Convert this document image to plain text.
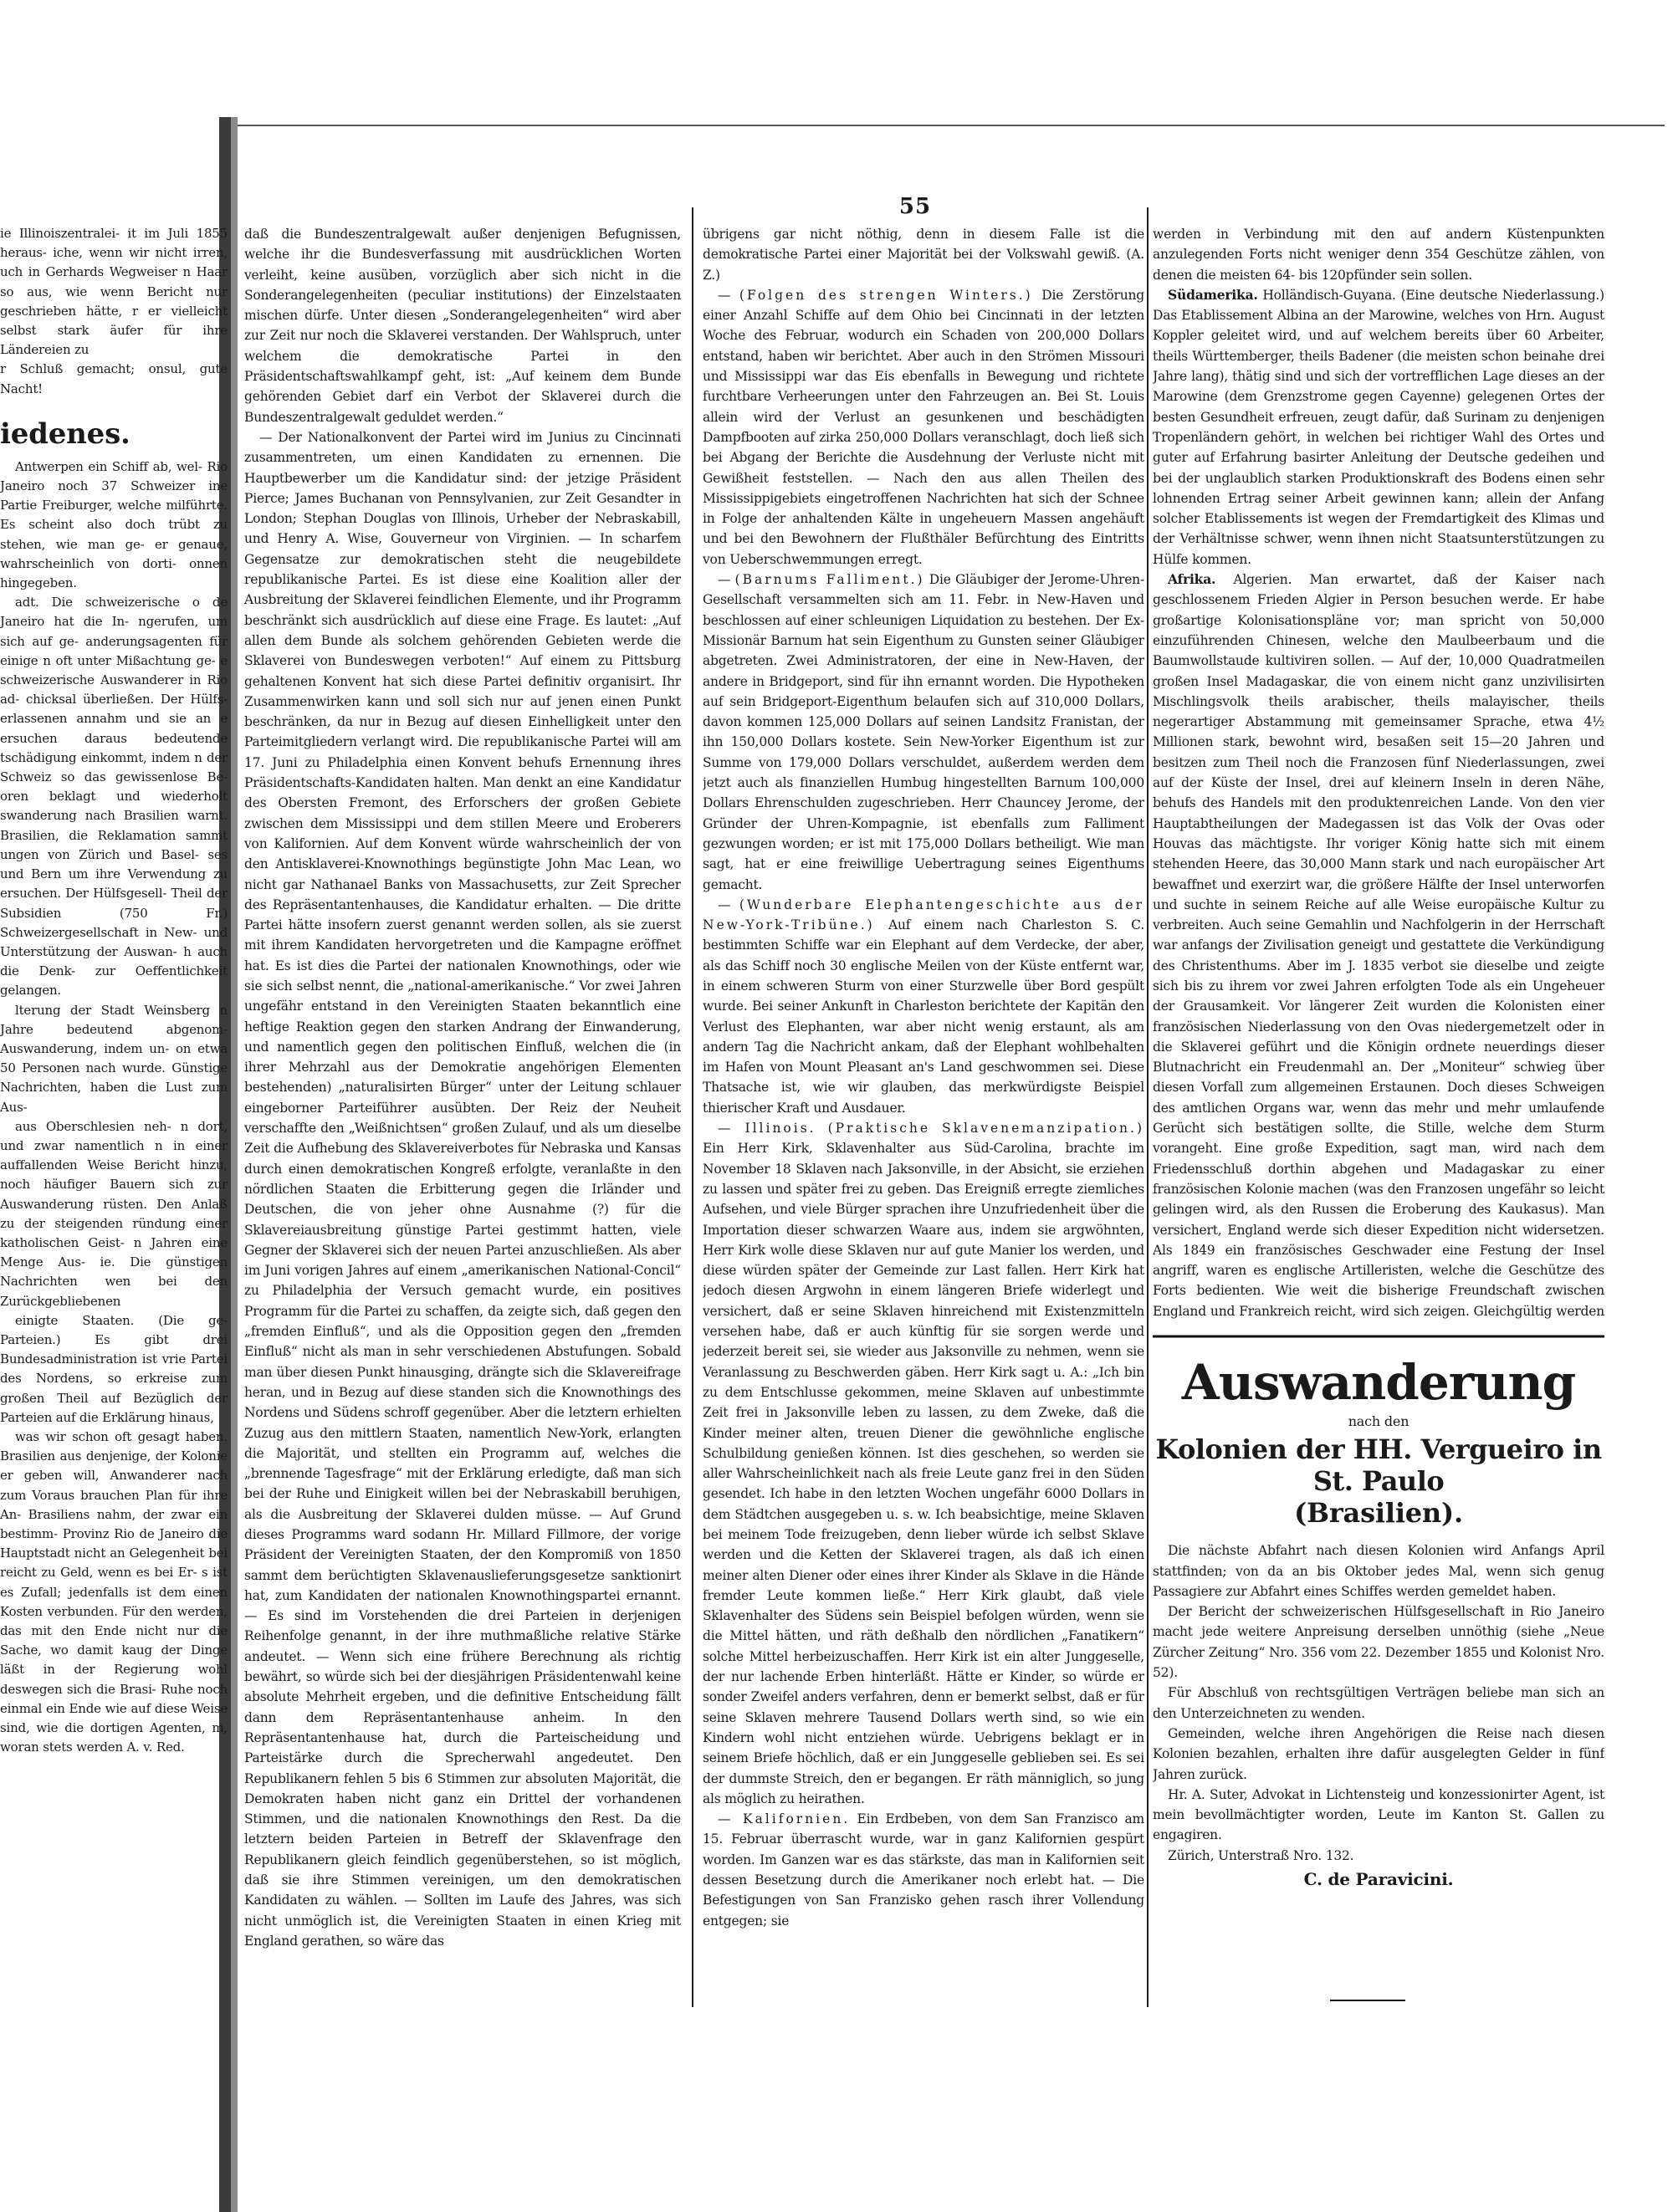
55

ie Illinoiszentralei- it im Juli 1855 heraus- iche, wenn wir nicht irren, uch in Gerhards Wegweiser n Haar so aus, wie wenn Bericht nur geschrieben hätte, r er vielleicht selbst stark äufer für ihre Ländereien zu

r Schluß gemacht; onsul, gute Nacht!

iedenes.

Antwerpen ein Schiff ab, wel- Rio Janeiro noch 37 Schweizer ine Partie Freiburger, welche milführte. Es scheint also doch trübt zu stehen, wie man ge- er genaue, wahrscheinlich von dorti- onnen hingegeben.

adt. Die schweizerische o de Janeiro hat die In- ngerufen, um sich auf ge- anderungsagenten für einige n oft unter Mißachtung ge- e schweizerische Auswanderer in Rio ad- chicksal überließen. Der Hülfs- erlassenen annahm und sie an e ersuchen daraus bedeutende tschädigung einkommt, indem n der Schweiz so das gewissenlose Be- oren beklagt und wiederholt swanderung nach Brasilien warnt. Brasilien, die Reklamation sammt ungen von Zürich und Basel- ses und Bern um ihre Verwendung zu ersuchen. Der Hülfsgesell- Theil der Subsidien (750 Fr.) Schweizergesellschaft in New- und Unterstützung der Auswan- h auch die Denk- zur Oeffentlichkeit gelangen.

lterung der Stadt Weinsberg n Jahre bedeutend abgenom- Auswanderung, indem un- on etwa 50 Personen nach wurde. Günstige Nachrichten, haben die Lust zum Aus-

aus Oberschlesien neh- n dort, und zwar namentlich n in einer auffallenden Weise Bericht hinzu, noch häufiger Bauern sich zur Auswanderung rüsten. Den Anlaß zu der steigenden ründung einer katholischen Geist- n Jahren eine Menge Aus- ie. Die günstigen Nachrichten wen bei den Zurückgebliebenen

einigte Staaten. (Die ge- Parteien.) Es gibt drei Bundesadministration ist vrie Partei des Nordens, so erkreise zum großen Theil auf Bezüglich der Parteien auf die Erklärung hinaus,

was wir schon oft gesagt haben. Brasilien aus denjenige, der Kolonie er geben will, Anwanderer nach zum Voraus brauchen Plan für ihre An- Brasiliens nahm, der zwar ein bestimm- Provinz Rio de Janeiro die Hauptstadt nicht an Gelegenheit bei reicht zu Geld, wenn es bei Er- s ist es Zufall; jedenfalls ist dem einen Kosten verbunden. Für den werden, das mit den Ende nicht nur die Sache, wo damit kaug der Dinge läßt in der Regierung wohl deswegen sich die Brasi- Ruhe noch einmal ein Ende wie auf diese Weise sind, wie die dortigen Agenten, m, woran stets werden A. v. Red.

daß die Bundeszentralgewalt außer denjenigen Befugnissen, welche ihr die Bundesverfassung mit ausdrücklichen Worten verleiht, keine ausüben, vorzüglich aber sich nicht in die Sonderangelegenheiten (peculiar institutions) der Einzelstaaten mischen dürfe. Unter diesen „Sonderangelegenheiten“ wird aber zur Zeit nur noch die Sklaverei verstanden. Der Wahlspruch, unter welchem die demokratische Partei in den Präsidentschaftswahlkampf geht, ist: „Auf keinem dem Bunde gehörenden Gebiet darf ein Verbot der Sklaverei durch die Bundeszentralgewalt geduldet werden.“

— Der Nationalkonvent der Partei wird im Junius zu Cincinnati zusammentreten, um einen Kandidaten zu ernennen. Die Hauptbewerber um die Kandidatur sind: der jetzige Präsident Pierce; James Buchanan von Pennsylvanien, zur Zeit Gesandter in London; Stephan Douglas von Illinois, Urheber der Nebraskabill, und Henry A. Wise, Gouverneur von Virginien. — In scharfem Gegensatze zur demokratischen steht die neugebildete republikanische Partei. Es ist diese eine Koalition aller der Ausbreitung der Sklaverei feindlichen Elemente, und ihr Programm beschränkt sich ausdrücklich auf diese eine Frage. Es lautet: „Auf allen dem Bunde als solchem gehörenden Gebieten werde die Sklaverei von Bundeswegen verboten!“ Auf einem zu Pittsburg gehaltenen Konvent hat sich diese Partei definitiv organisirt. Ihr Zusammenwirken kann und soll sich nur auf jenen einen Punkt beschränken, da nur in Bezug auf diesen Einhelligkeit unter den Parteimitgliedern verlangt wird. Die republikanische Partei will am 17. Juni zu Philadelphia einen Konvent behufs Ernennung ihres Präsidentschafts-Kandidaten halten. Man denkt an eine Kandidatur des Obersten Fremont, des Erforschers der großen Gebiete zwischen dem Mississippi und dem stillen Meere und Eroberers von Kalifornien. Auf dem Konvent würde wahrscheinlich der von den Antisklaverei-Knownothings begünstigte John Mac Lean, wo nicht gar Nathanael Banks von Massachusetts, zur Zeit Sprecher des Repräsentantenhauses, die Kandidatur erhalten. — Die dritte Partei hätte insofern zuerst genannt werden sollen, als sie zuerst mit ihrem Kandidaten hervorgetreten und die Kampagne eröffnet hat. Es ist dies die Partei der nationalen Knownothings, oder wie sie sich selbst nennt, die „national-amerikanische.“ Vor zwei Jahren ungefähr entstand in den Vereinigten Staaten bekanntlich eine heftige Reaktion gegen den starken Andrang der Einwanderung, und namentlich gegen den politischen Einfluß, welchen die (in ihrer Mehrzahl aus der Demokratie angehörigen Elementen bestehenden) „naturalisirten Bürger“ unter der Leitung schlauer eingeborner Parteiführer ausübten. Der Reiz der Neuheit verschaffte den „Weißnichtsen“ großen Zulauf, und als um dieselbe Zeit die Aufhebung des Sklavereiverbotes für Nebraska und Kansas durch einen demokratischen Kongreß erfolgte, veranlaßte in den nördlichen Staaten die Erbitterung gegen die Irländer und Deutschen, die von jeher ohne Ausnahme (?) für die Sklavereiausbreitung günstige Partei gestimmt hatten, viele Gegner der Sklaverei sich der neuen Partei anzuschließen. Als aber im Juni vorigen Jahres auf einem „amerikanischen National-Concil“ zu Philadelphia der Versuch gemacht wurde, ein positives Programm für die Partei zu schaffen, da zeigte sich, daß gegen den „fremden Einfluß“, und als die Opposition gegen den „fremden Einfluß“ nicht als man in sehr verschiedenen Abstufungen. Sobald man über diesen Punkt hinausging, drängte sich die Sklavereifrage heran, und in Bezug auf diese standen sich die Knownothings des Nordens und Südens schroff gegenüber. Aber die letztern erhielten Zuzug aus den mittlern Staaten, namentlich New-York, erlangten die Majorität, und stellten ein Programm auf, welches die „brennende Tagesfrage“ mit der Erklärung erledigte, daß man sich bei der Ruhe und Einigkeit willen bei der Nebraskabill beruhigen, als die Ausbreitung der Sklaverei dulden müsse. — Auf Grund dieses Programms ward sodann Hr. Millard Fillmore, der vorige Präsident der Vereinigten Staaten, der den Kompromiß von 1850 sammt dem berüchtigten Sklavenauslieferungsgesetze sanktionirt hat, zum Kandidaten der nationalen Knownothingspartei ernannt. — Es sind im Vorstehenden die drei Parteien in derjenigen Reihenfolge genannt, in der ihre muthmaßliche relative Stärke andeutet. — Wenn sich eine frühere Berechnung als richtig bewährt, so würde sich bei der diesjährigen Präsidentenwahl keine absolute Mehrheit ergeben, und die definitive Entscheidung fällt dann dem Repräsentantenhause anheim. In den Repräsentantenhause hat, durch die Parteischeidung und Parteistärke durch die Sprecherwahl angedeutet. Den Republikanern fehlen 5 bis 6 Stimmen zur absoluten Majorität, die Demokraten haben nicht ganz ein Drittel der vorhandenen Stimmen, und die nationalen Knownothings den Rest. Da die letztern beiden Parteien in Betreff der Sklavenfrage den Republikanern gleich feindlich gegenüberstehen, so ist möglich, daß sie ihre Stimmen vereinigen, um den demokratischen Kandidaten zu wählen. — Sollten im Laufe des Jahres, was sich nicht unmöglich ist, die Vereinigten Staaten in einen Krieg mit England gerathen, so wäre das

übrigens gar nicht nöthig, denn in diesem Falle ist die demokratische Partei einer Majorität bei der Volkswahl gewiß. (A. Z.)

— (Folgen des strengen Winters.) Die Zerstörung einer Anzahl Schiffe auf dem Ohio bei Cincinnati in der letzten Woche des Februar, wodurch ein Schaden von 200,000 Dollars entstand, haben wir berichtet. Aber auch in den Strömen Missouri und Mississippi war das Eis ebenfalls in Bewegung und richtete furchtbare Verheerungen unter den Fahrzeugen an. Bei St. Louis allein wird der Verlust an gesunkenen und beschädigten Dampfbooten auf zirka 250,000 Dollars veranschlagt, doch ließ sich bei Abgang der Berichte die Ausdehnung der Verluste nicht mit Gewißheit feststellen. — Nach den aus allen Theilen des Mississippigebiets eingetroffenen Nachrichten hat sich der Schnee in Folge der anhaltenden Kälte in ungeheuern Massen angehäuft und bei den Bewohnern der Flußthäler Befürchtung des Eintritts von Ueberschwemmungen erregt.

— (Barnums Falliment.) Die Gläubiger der Jerome-Uhren-Gesellschaft versammelten sich am 11. Febr. in New-Haven und beschlossen auf einer schleunigen Liquidation zu bestehen. Der Ex-Missionär Barnum hat sein Eigenthum zu Gunsten seiner Gläubiger abgetreten. Zwei Administratoren, der eine in New-Haven, der andere in Bridgeport, sind für ihn ernannt worden. Die Hypotheken auf sein Bridgeport-Eigenthum belaufen sich auf 310,000 Dollars, davon kommen 125,000 Dollars auf seinen Landsitz Franistan, der ihn 150,000 Dollars kostete. Sein New-Yorker Eigenthum ist zur Summe von 179,000 Dollars verschuldet, außerdem werden dem jetzt auch als finanziellen Humbug hingestellten Barnum 100,000 Dollars Ehrenschulden zugeschrieben. Herr Chauncey Jerome, der Gründer der Uhren-Kompagnie, ist ebenfalls zum Falliment gezwungen worden; er ist mit 175,000 Dollars betheiligt. Wie man sagt, hat er eine freiwillige Uebertragung seines Eigenthums gemacht.

— (Wunderbare Elephantengeschichte aus der New-York-Tribüne.) Auf einem nach Charleston S. C. bestimmten Schiffe war ein Elephant auf dem Verdecke, der aber, als das Schiff noch 30 englische Meilen von der Küste entfernt war, in einem schweren Sturm von einer Sturzwelle über Bord gespült wurde. Bei seiner Ankunft in Charleston berichtete der Kapitän den Verlust des Elephanten, war aber nicht wenig erstaunt, als am andern Tag die Nachricht ankam, daß der Elephant wohlbehalten im Hafen von Mount Pleasant an's Land geschwommen sei. Diese Thatsache ist, wie wir glauben, das merkwürdigste Beispiel thierischer Kraft und Ausdauer.

— Illinois. (Praktische Sklavenemanzipation.) Ein Herr Kirk, Sklavenhalter aus Süd-Carolina, brachte im November 18 Sklaven nach Jaksonville, in der Absicht, sie erziehen zu lassen und später frei zu geben. Das Ereigniß erregte ziemliches Aufsehen, und viele Bürger sprachen ihre Unzufriedenheit über die Importation dieser schwarzen Waare aus, indem sie argwöhnten, Herr Kirk wolle diese Sklaven nur auf gute Manier los werden, und diese würden später der Gemeinde zur Last fallen. Herr Kirk hat jedoch diesen Argwohn in einem längeren Briefe widerlegt und versichert, daß er seine Sklaven hinreichend mit Existenzmitteln versehen habe, daß er auch künftig für sie sorgen werde und jederzeit bereit sei, sie wieder aus Jaksonville zu nehmen, wenn sie Veranlassung zu Beschwerden gäben. Herr Kirk sagt u. A.: „Ich bin zu dem Entschlusse gekommen, meine Sklaven auf unbestimmte Zeit frei in Jaksonville leben zu lassen, zu dem Zweke, daß die Kinder meiner alten, treuen Diener die gewöhnliche englische Schulbildung genießen können. Ist dies geschehen, so werden sie aller Wahrscheinlichkeit nach als freie Leute ganz frei in den Süden gesendet. Ich habe in den letzten Wochen ungefähr 6000 Dollars in dem Städtchen ausgegeben u. s. w. Ich beabsichtige, meine Sklaven bei meinem Tode freizugeben, denn lieber würde ich selbst Sklave werden und die Ketten der Sklaverei tragen, als daß ich einen meiner alten Diener oder eines ihrer Kinder als Sklave in die Hände fremder Leute kommen ließe.“ Herr Kirk glaubt, daß viele Sklavenhalter des Südens sein Beispiel befolgen würden, wenn sie die Mittel hätten, und räth deßhalb den nördlichen „Fanatikern“ solche Mittel herbeizuschaffen. Herr Kirk ist ein alter Junggeselle, der nur lachende Erben hinterläßt. Hätte er Kinder, so würde er sonder Zweifel anders verfahren, denn er bemerkt selbst, daß er für seine Sklaven mehrere Tausend Dollars werth sind, so wie ein Kindern wohl nicht entziehen würde. Uebrigens beklagt er in seinem Briefe höchlich, daß er ein Junggeselle geblieben sei. Es sei der dummste Streich, den er begangen. Er räth männiglich, so jung als möglich zu heirathen.

— Kalifornien. Ein Erdbeben, von dem San Franzisco am 15. Februar überrascht wurde, war in ganz Kalifornien gespürt worden. Im Ganzen war es das stärkste, das man in Kalifornien seit dessen Besetzung durch die Amerikaner noch erlebt hat. — Die Befestigungen von San Franzisko gehen rasch ihrer Vollendung entgegen; sie

werden in Verbindung mit den auf andern Küstenpunkten anzulegenden Forts nicht weniger denn 354 Geschütze zählen, von denen die meisten 64- bis 120pfünder sein sollen.

Südamerika. Holländisch-Guyana. (Eine deutsche Niederlassung.) Das Etablissement Albina an der Marowine, welches von Hrn. August Koppler geleitet wird, und auf welchem bereits über 60 Arbeiter, theils Württemberger, theils Badener (die meisten schon beinahe drei Jahre lang), thätig sind und sich der vortrefflichen Lage dieses an der Marowine (dem Grenzstrome gegen Cayenne) gelegenen Ortes der besten Gesundheit erfreuen, zeugt dafür, daß Surinam zu denjenigen Tropenländern gehört, in welchen bei richtiger Wahl des Ortes und guter auf Erfahrung basirter Anleitung der Deutsche gedeihen und bei der unglaublich starken Produktionskraft des Bodens einen sehr lohnenden Ertrag seiner Arbeit gewinnen kann; allein der Anfang solcher Etablissements ist wegen der Fremdartigkeit des Klimas und der Verhältnisse schwer, wenn ihnen nicht Staatsunterstützungen zu Hülfe kommen.

Afrika. Algerien. Man erwartet, daß der Kaiser nach geschlossenem Frieden Algier in Person besuchen werde. Er habe großartige Kolonisationspläne vor; man spricht von 50,000 einzuführenden Chinesen, welche den Maulbeerbaum und die Baumwollstaude kultiviren sollen. — Auf der, 10,000 Quadratmeilen großen Insel Madagaskar, die von einem nicht ganz unzivilisirten Mischlingsvolk theils arabischer, theils malayischer, theils negerartiger Abstammung mit gemeinsamer Sprache, etwa 4½ Millionen stark, bewohnt wird, besaßen seit 15—20 Jahren und besitzen zum Theil noch die Franzosen fünf Niederlassungen, zwei auf der Küste der Insel, drei auf kleinern Inseln in deren Nähe, behufs des Handels mit den produktenreichen Lande. Von den vier Hauptabtheilungen der Madegassen ist das Volk der Ovas oder Houvas das mächtigste. Ihr voriger König hatte sich mit einem stehenden Heere, das 30,000 Mann stark und nach europäischer Art bewaffnet und exerzirt war, die größere Hälfte der Insel unterworfen und suchte in seinem Reiche auf alle Weise europäische Kultur zu verbreiten. Auch seine Gemahlin und Nachfolgerin in der Herrschaft war anfangs der Zivilisation geneigt und gestattete die Verkündigung des Christenthums. Aber im J. 1835 verbot sie dieselbe und zeigte sich bis zu ihrem vor zwei Jahren erfolgten Tode als ein Ungeheuer der Grausamkeit. Vor längerer Zeit wurden die Kolonisten einer französischen Niederlassung von den Ovas niedergemetzelt oder in die Sklaverei geführt und die Königin ordnete neuerdings dieser Blutnachricht ein Freudenmahl an. Der „Moniteur“ schwieg über diesen Vorfall zum allgemeinen Erstaunen. Doch dieses Schweigen des amtlichen Organs war, wenn das mehr und mehr umlaufende Gerücht sich bestätigen sollte, die Stille, welche dem Sturm vorangeht. Eine große Expedition, sagt man, wird nach dem Friedensschluß dorthin abgehen und Madagaskar zu einer französischen Kolonie machen (was den Franzosen ungefähr so leicht gelingen wird, als den Russen die Eroberung des Kaukasus). Man versichert, England werde sich dieser Expedition nicht widersetzen. Als 1849 ein französisches Geschwader eine Festung der Insel angriff, waren es englische Artilleristen, welche die Geschütze des Forts bedienten. Wie weit die bisherige Freundschaft zwischen England und Frankreich reicht, wird sich zeigen. Gleichgültig werden

Auswanderung
nach den
Kolonien der HH. Vergueiro in St. Paulo
(Brasilien).

Die nächste Abfahrt nach diesen Kolonien wird Anfangs April stattfinden; von da an bis Oktober jedes Mal, wenn sich genug Passagiere zur Abfahrt eines Schiffes werden gemeldet haben.

Der Bericht der schweizerischen Hülfsgesellschaft in Rio Janeiro macht jede weitere Anpreisung derselben unnöthig (siehe „Neue Zürcher Zeitung“ Nro. 356 vom 22. Dezember 1855 und Kolonist Nro. 52).

Für Abschluß von rechtsgültigen Verträgen beliebe man sich an den Unterzeichneten zu wenden.

Gemeinden, welche ihren Angehörigen die Reise nach diesen Kolonien bezahlen, erhalten ihre dafür ausgelegten Gelder in fünf Jahren zurück.

Hr. A. Suter, Advokat in Lichtensteig und konzessionirter Agent, ist mein bevollmächtigter worden, Leute im Kanton St. Gallen zu engagiren.

Zürich, Unterstraß Nro. 132.

C. de Paravicini.
